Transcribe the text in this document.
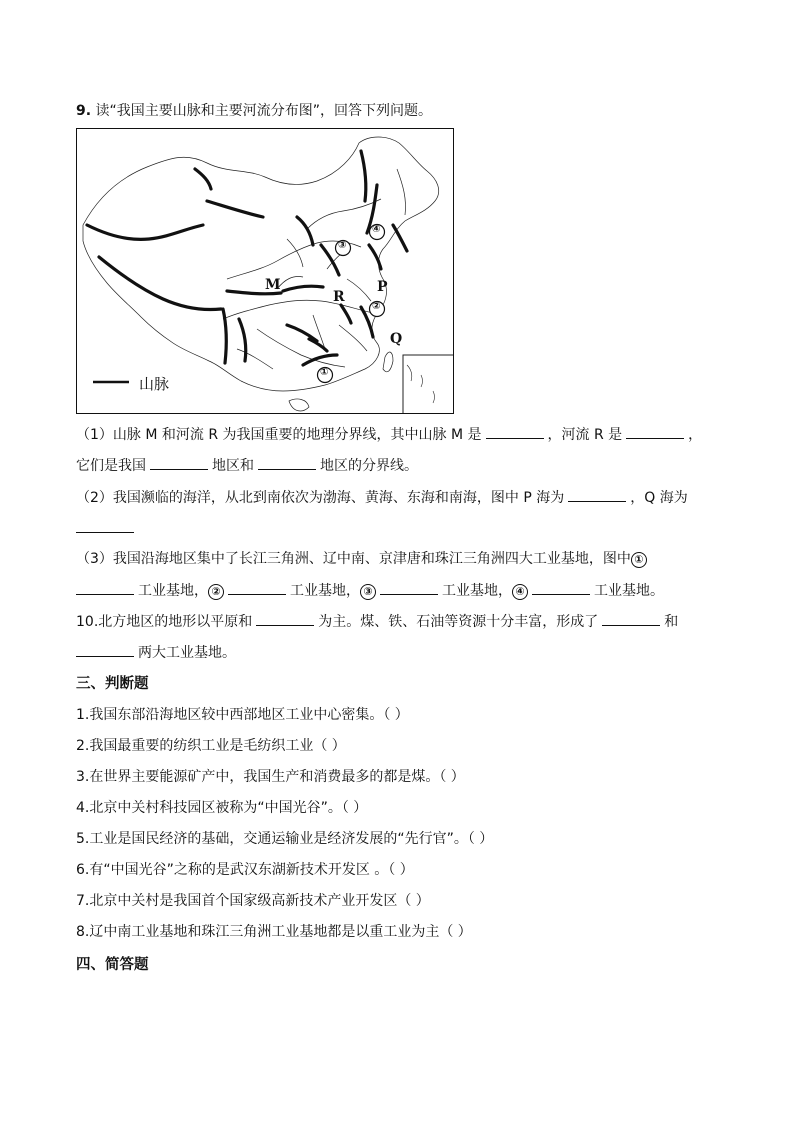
9. 读“我国主要山脉和主要河流分布图”，回答下列问题。
M
R
P
Q
①
②
③
④
山脉
（1）山脉 M 和河流 R 为我国重要的地理分界线，其中山脉 M 是	，河流 R 是	，
它们是我国	地区和	地区的分界线。
（2）我国濒临的海洋，从北到南依次为渤海、黄海、东海和南海，图中 P 海为	，Q 海为
（3）我国沿海地区集中了长江三角洲、辽中南、京津唐和珠江三角洲四大工业基地，图中 ①
工业基地， ②	工业基地， ③	工业基地， ④	工业基地。
10.北方地区的地形以平原和	为主。煤、铁、石油等资源十分丰富，形成了	和
两大工业基地。
三、判断题
1.我国东部沿海地区较中西部地区工业中心密集。（ ）
2.我国最重要的纺织工业是毛纺织工业（ ）
3.在世界主要能源矿产中，我国生产和消费最多的都是煤。（ ）
4.北京中关村科技园区被称为“中国光谷”。（ ）
5.工业是国民经济的基础，交通运输业是经济发展的“先行官”。（ ）
6.有“中国光谷”之称的是武汉东湖新技术开发区 。（ ）
7.北京中关村是我国首个国家级高新技术产业开发区（ ）
8.辽中南工业基地和珠江三角洲工业基地都是以重工业为主（ ）
四、简答题
